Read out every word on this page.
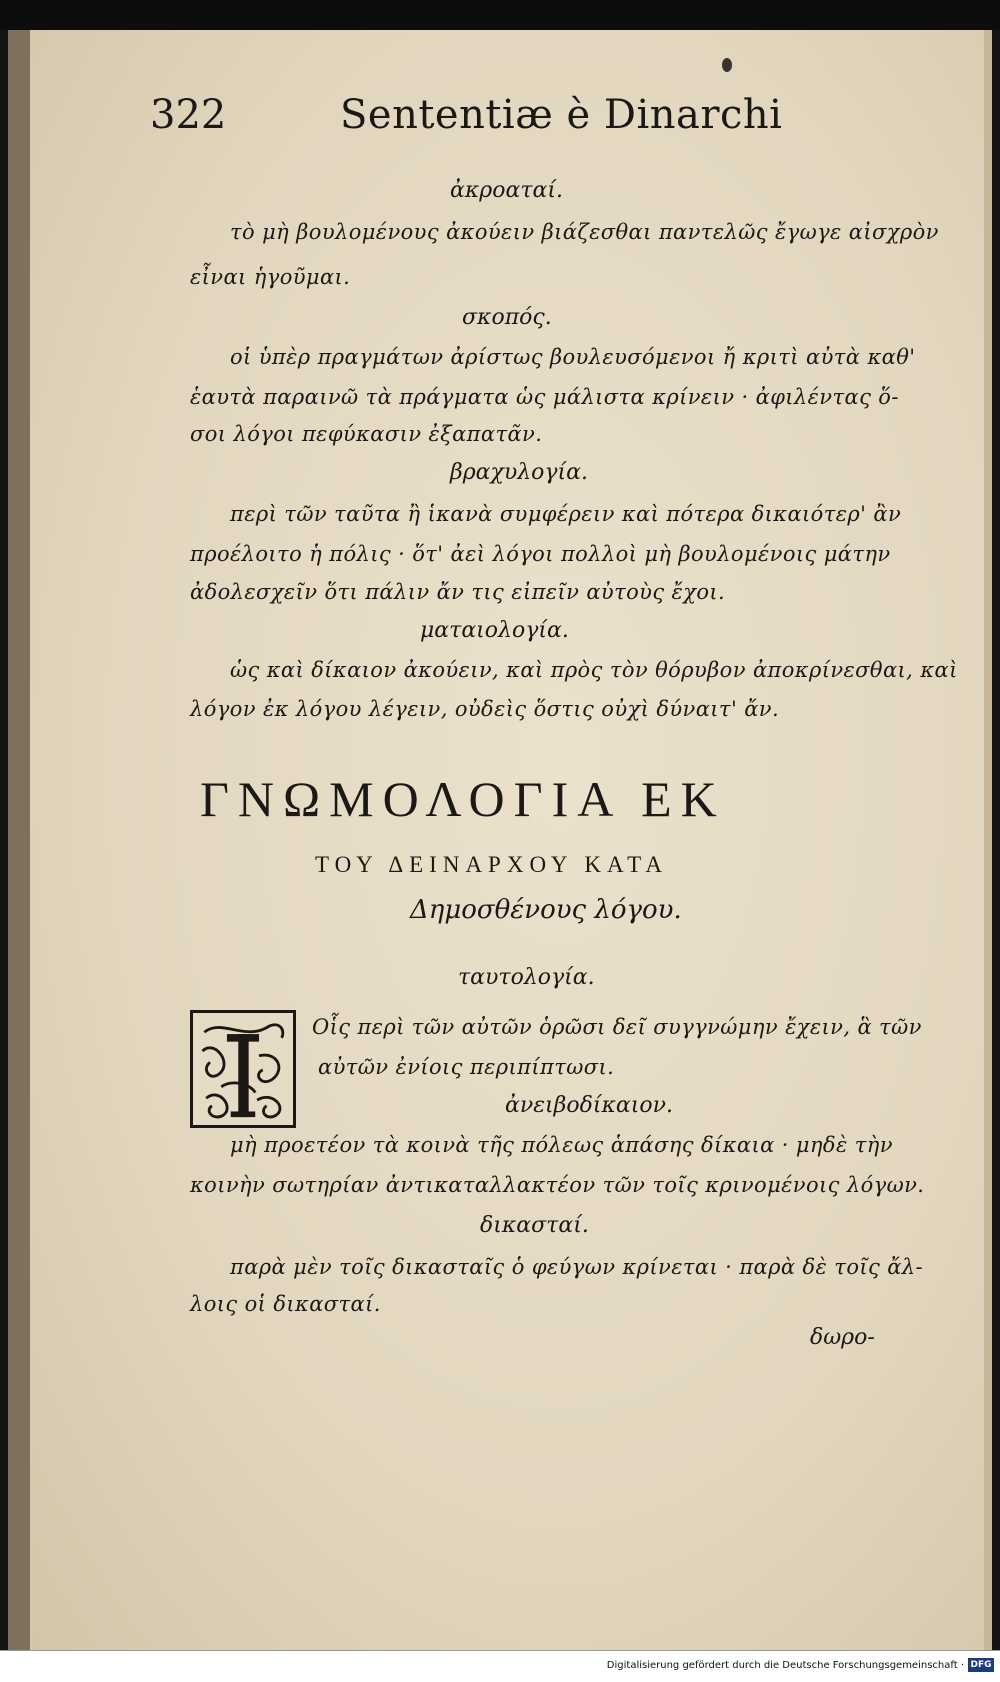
322	Sententiæ è Dinarchi
ἀκροαταί.
τὸ μὴ βουλομένους ἀκούειν βιάζεσθαι παντελῶς ἔγωγε αἰσχρὸν
εἶναι ἡγοῦμαι.
σκοπός.
οἱ ὑπὲρ πραγμάτων ἀρίστως βουλευσόμενοι ἤ κριτὶ αὐτὰ καθ'
ἑαυτὰ παραινῶ τὰ πράγματα ὡς μάλιστα κρίνειν · ἀφιλέντας ὅ-
σοι λόγοι πεφύκασιν ἐξαπατᾶν.
βραχυλογία.
περὶ τῶν ταῦτα ἢ ἱκανὰ συμφέρειν καὶ πότερα δικαιότερ' ἂν
προέλοιτο ἡ πόλις · ὅτ' ἀεὶ λόγοι πολλοὶ μὴ βουλομένοις μάτην
ἀδολεσχεῖν ὅτι πάλιν ἄν τις εἰπεῖν αὐτοὺς ἔχοι.
ματαιολογία.
ὡς καὶ δίκαιον ἀκούειν, καὶ πρὸς τὸν θόρυβον ἀποκρίνεσθαι, καὶ
λόγον ἐκ λόγου λέγειν, οὐδεὶς ὅστις οὐχὶ δύναιτ' ἄν.
ΓΝΩΜΟΛΟΓΙΑ ΕΚ
ΤΟΥ ΔΕΙΝΑΡΧΟΥ ΚΑΤΑ
Δημοσθένους λόγου.
ταυτολογία.
Οἷς περὶ τῶν αὐτῶν ὁρῶσι δεῖ συγγνώμην ἔχειν, ἃ τῶν
αὐτῶν ἐνίοις περιπίπτωσι.
ἀνειβοδίκαιον.
μὴ προετέον τὰ κοινὰ τῆς πόλεως ἁπάσης δίκαια · μηδὲ τὴν
κοινὴν σωτηρίαν ἀντικαταλλακτέον τῶν τοῖς κρινομένοις λόγων.
δικασταί.
παρὰ μὲν τοῖς δικασταῖς ὁ φεύγων κρίνεται · παρὰ δὲ τοῖς ἄλ-
λοις οἱ δικασταί.
δωρο-
Digitalisierung gefördert durch die Deutsche Forschungsgemeinschaft · DFG
